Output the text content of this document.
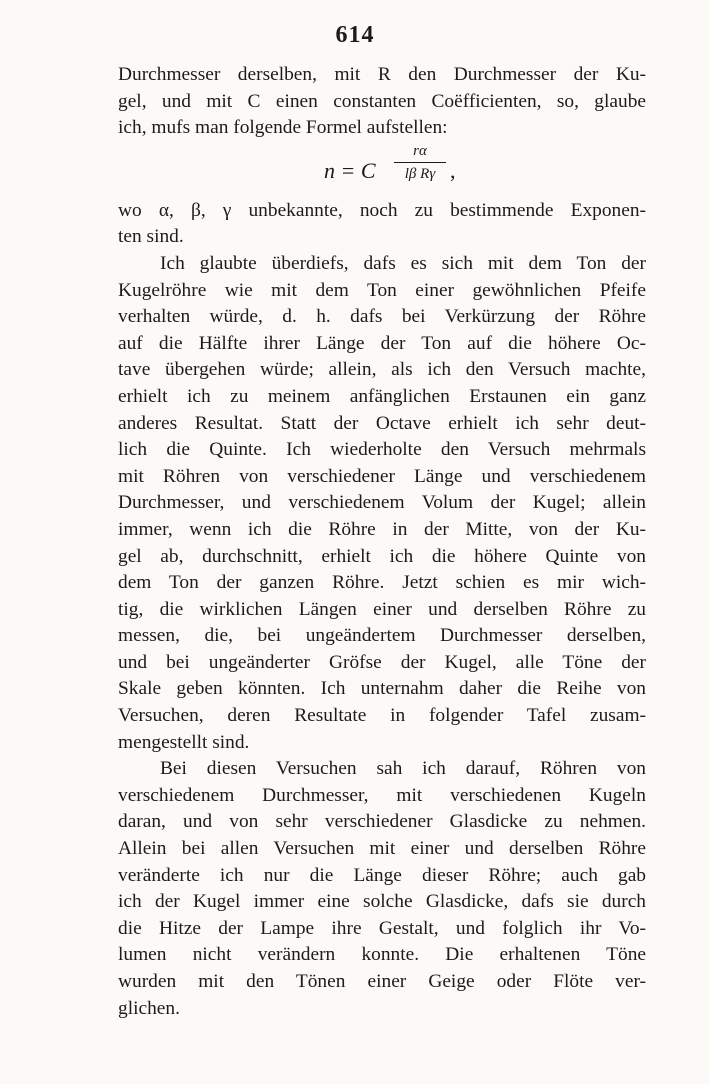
614
Durchmesser derselben, mit R den Durchmesser der Ku-
gel, und mit C einen constanten Coëfficienten, so, glaube
ich, mufs man folgende Formel aufstellen:
n = C
rα
lβ Rγ ,
wo α, β, γ unbekannte, noch zu bestimmende Exponen-
ten sind.
Ich glaubte überdiefs, dafs es sich mit dem Ton der
Kugelröhre wie mit dem Ton einer gewöhnlichen Pfeife
verhalten würde, d. h. dafs bei Verkürzung der Röhre
auf die Hälfte ihrer Länge der Ton auf die höhere Oc-
tave übergehen würde; allein, als ich den Versuch machte,
erhielt ich zu meinem anfänglichen Erstaunen ein ganz
anderes Resultat. Statt der Octave erhielt ich sehr deut-
lich die Quinte. Ich wiederholte den Versuch mehrmals
mit Röhren von verschiedener Länge und verschiedenem
Durchmesser, und verschiedenem Volum der Kugel; allein
immer, wenn ich die Röhre in der Mitte, von der Ku-
gel ab, durchschnitt, erhielt ich die höhere Quinte von
dem Ton der ganzen Röhre. Jetzt schien es mir wich-
tig, die wirklichen Längen einer und derselben Röhre zu
messen, die, bei ungeändertem Durchmesser derselben,
und bei ungeänderter Gröfse der Kugel, alle Töne der
Skale geben könnten. Ich unternahm daher die Reihe von
Versuchen, deren Resultate in folgender Tafel zusam-
mengestellt sind.
Bei diesen Versuchen sah ich darauf, Röhren von
verschiedenem Durchmesser, mit verschiedenen Kugeln
daran, und von sehr verschiedener Glasdicke zu nehmen.
Allein bei allen Versuchen mit einer und derselben Röhre
veränderte ich nur die Länge dieser Röhre; auch gab
ich der Kugel immer eine solche Glasdicke, dafs sie durch
die Hitze der Lampe ihre Gestalt, und folglich ihr Vo-
lumen nicht verändern konnte. Die erhaltenen Töne
wurden mit den Tönen einer Geige oder Flöte ver-
glichen.
